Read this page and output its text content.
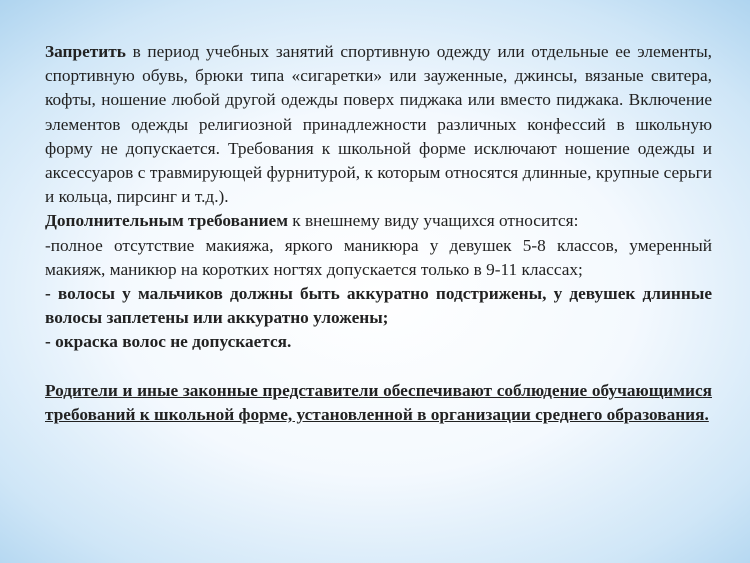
Запретить в период учебных занятий спортивную одежду или отдельные ее элементы, спортивную обувь, брюки типа «сигаретки» или зауженные, джинсы, вязаные свитера, кофты, ношение любой другой одежды поверх пиджака или вместо пиджака. Включение элементов одежды религиозной принадлежности различных конфессий в школьную форму не допускается. Требования к школьной форме исключают ношение одежды и аксессуаров с травмирующей фурнитурой, к которым относятся длинные, крупные серьги и кольца, пирсинг и т.д.).

Дополнительным требованием к внешнему виду учащихся относится:

-полное отсутствие макияжа, яркого маникюра у девушек 5-8 классов, умеренный макияж, маникюр на коротких ногтях допускается только в 9-11 классах;

- волосы у мальчиков должны быть аккуратно подстрижены, у девушек длинные волосы заплетены или аккуратно уложены;

- окраска волос не допускается.

Родители и иные законные представители обеспечивают соблюдение обучающимися требований к школьной форме, установленной в организации среднего образования.
